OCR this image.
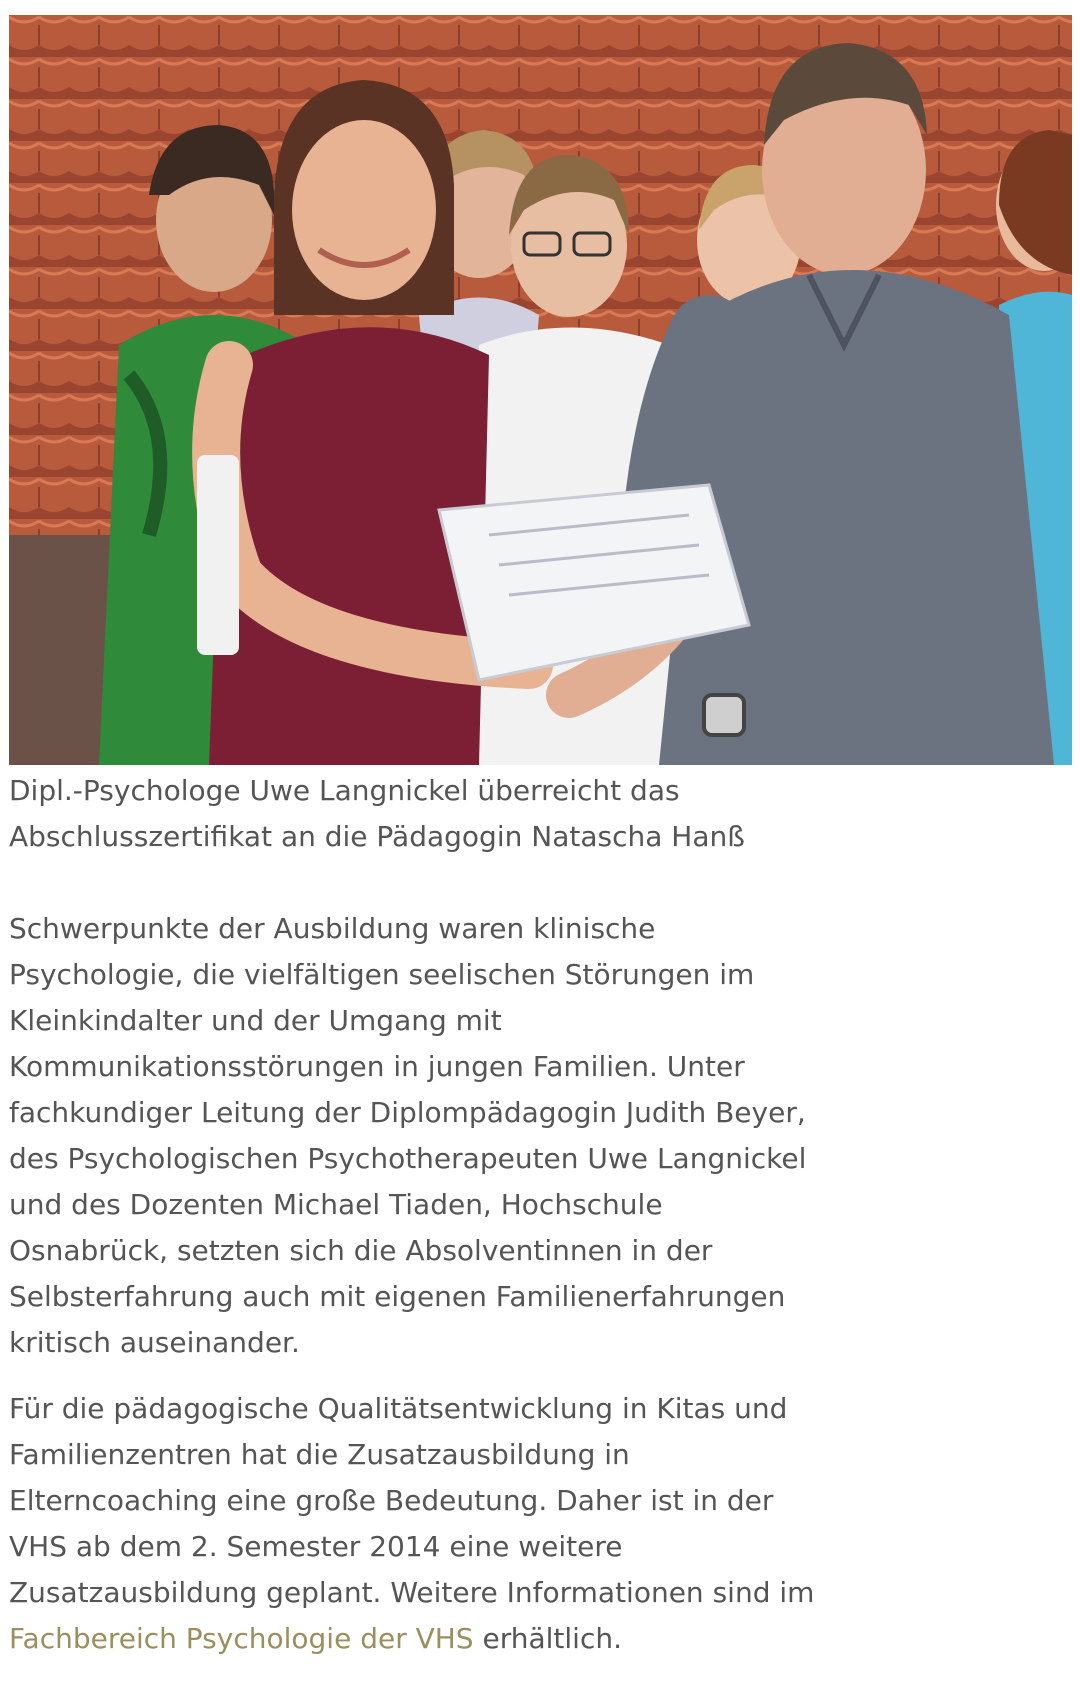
Dipl.-Psychologe Uwe Langnickel überreicht das
Abschlusszertifikat an die Pädagogin Natascha Hanß

Schwerpunkte der Ausbildung waren klinische Psychologie, die vielfältigen seelischen Störungen im Kleinkindalter und der Umgang mit Kommunikationsstörungen in jungen Familien. Unter fachkundiger Leitung der Diplompädagogin Judith Beyer, des Psychologischen Psychotherapeuten Uwe Langnickel und des Dozenten Michael Tiaden, Hochschule Osnabrück, setzten sich die Absolventinnen in der Selbsterfahrung auch mit eigenen Familienerfahrungen kritisch auseinander.

Für die pädagogische Qualitätsentwicklung in Kitas und Familienzentren hat die Zusatzausbildung in Elterncoaching eine große Bedeutung. Daher ist in der VHS ab dem 2. Semester 2014 eine weitere Zusatzausbildung geplant. Weitere Informationen sind im Fachbereich Psychologie der VHS erhältlich.
